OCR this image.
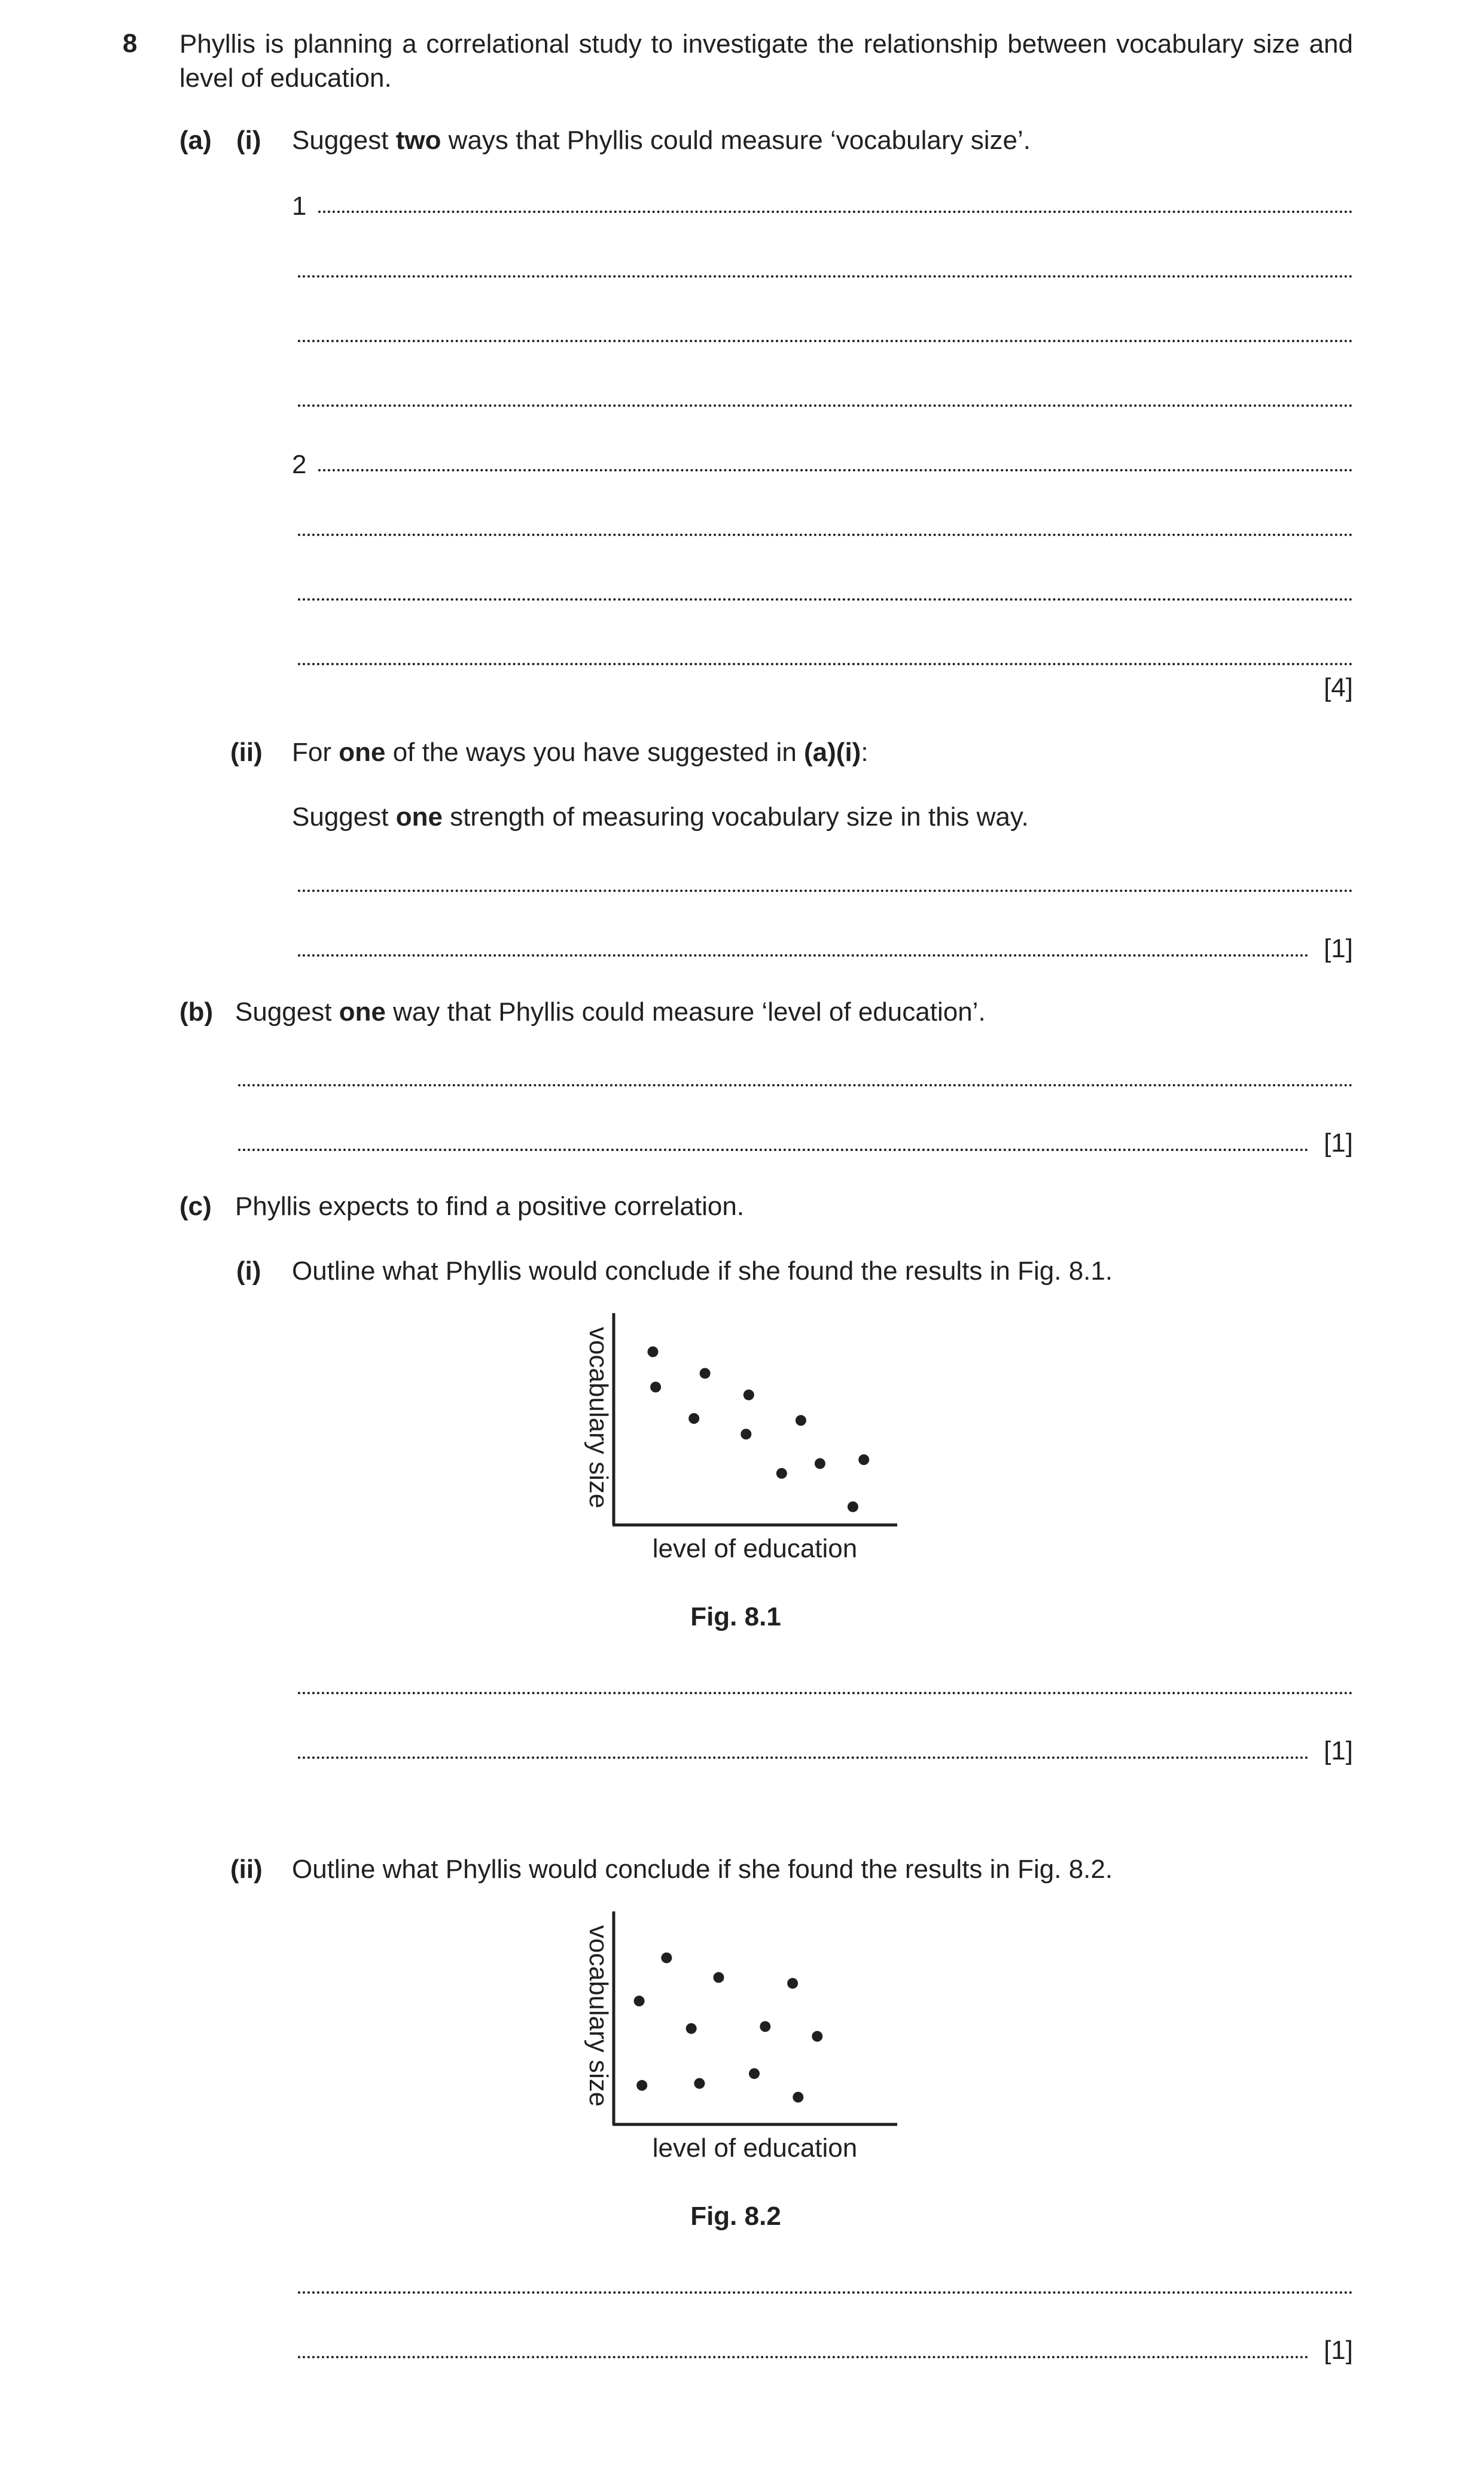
8 Phyllis is planning a correlational study to investigate the relationship between vocabulary size and level of education.
(a) (i) Suggest two ways that Phyllis could measure ‘vocabulary size’.
1
2
[4]
(ii) For one of the ways you have suggested in (a)(i):
Suggest one strength of measuring vocabulary size in this way.
[1]
(b) Suggest one way that Phyllis could measure ‘level of education’.
[1]
(c) Phyllis expects to find a positive correlation.
(i) Outline what Phyllis would conclude if she found the results in Fig. 8.1.
vocabulary size
level of education
Fig. 8.1
[1]
(ii) Outline what Phyllis would conclude if she found the results in Fig. 8.2.
vocabulary size
level of education
Fig. 8.2
[1]
